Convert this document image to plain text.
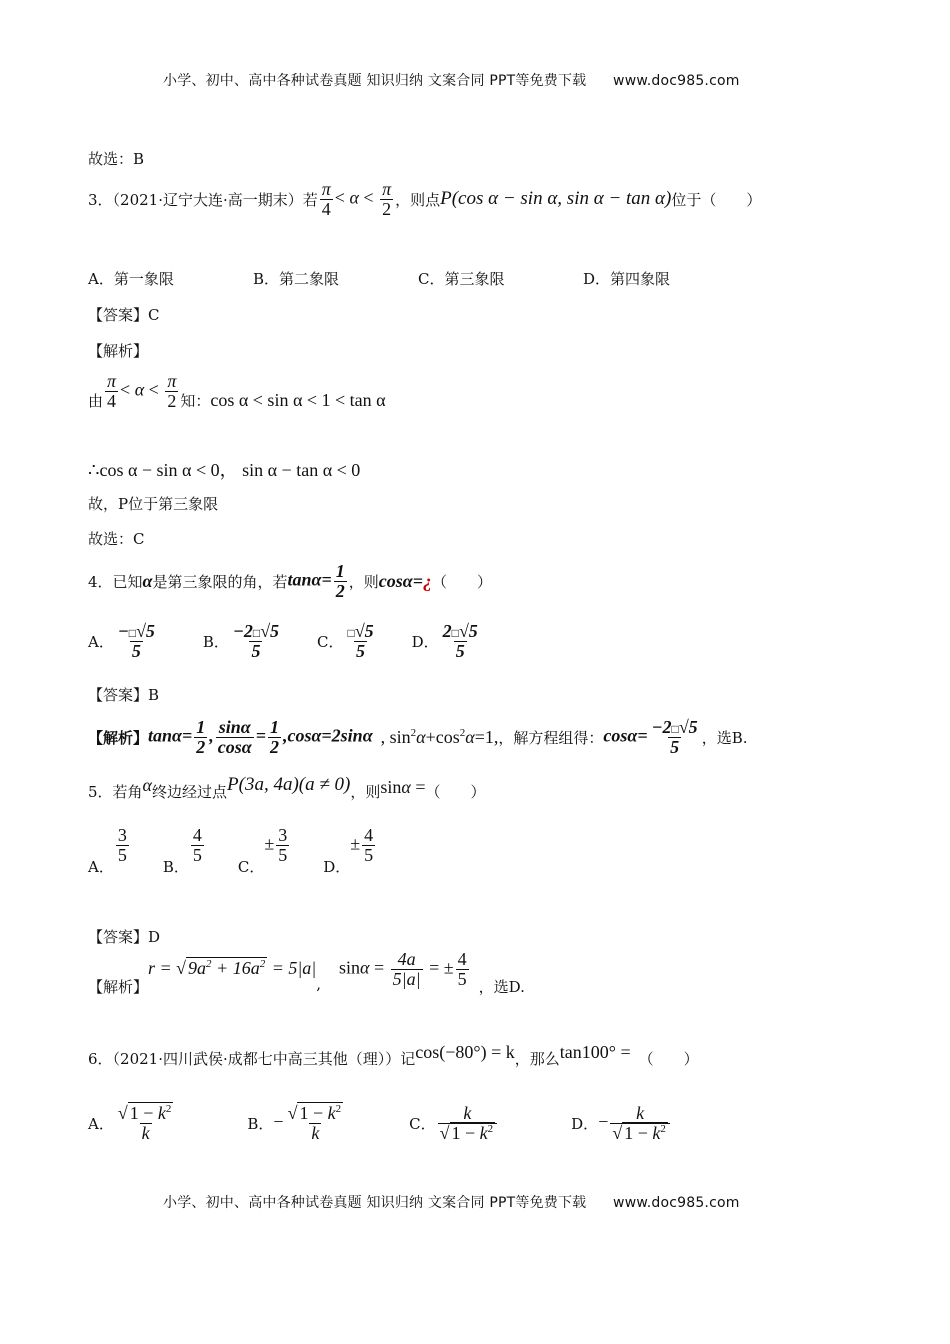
小学、初中、高中各种试卷真题 知识归纳 文案合同 PPT等免费下载 www.doc985.com
故选：B
3．（2021·辽宁大连·高一期末）若 $\frac{\pi}{4} < \alpha < \frac{\pi}{2}$ ，则点 P(cos α − sin α, sin α − tan α) 位于（　　）
A．第一象限	B．第二象限	C．第三象限	D．第四象限
【答案】C
【解析】
由 $\frac{\pi}{4} < \alpha < \frac{\pi}{2}$ 知： cos α < sin α < 1 < tan α
∴cos α − sin α < 0， sin α − tan α < 0
故，P位于第三象限
故选：C
4．已知 α 是第三象限的角，若 $\tan\alpha= \frac{1}{2}$ ，则 cosα=¿ （　　）
A． $\frac{-□√5}{5}$	B． $\frac{-2□√5}{5}$ C． $\frac{□√5}{5}$ D． $\frac{2□√5}{5}$
【答案】B
【解析】 $\tan\alpha= \frac{1}{2}$ , $\frac{\sin\alpha}{\cos\alpha} = \frac{1}{2} ,\cos\alpha=2\sin\alpha$ , $\sin^2\alpha+\cos^2\alpha=1$, ，解方程组得： $\cos\alpha= \frac{-2□√5}{5}$ ，选B.
5．若角 α 终边经过点 P(3a, 4a)(a ≠ 0) ，则 sinα = （　　）
A．
$\frac{3}{5}$
B．
$\frac{4}{5}$
C．
± $\frac{3}{5}$
D．
± $\frac{4}{5}$
【答案】D
【解析】
r = √ $9a^2 + 16a^2 = 5|a|$
,
$\sin\alpha = \frac{4a}{5|a|}$ = ± $\frac{4}{5}$ ，选D.
6．（2021·四川武侯·成都七中高三其他（理））记 cos(−80°) = k ，那么 tan100° = （　　）
A． $\frac{√ 1 - k^2}{k}$	B． − $\frac{√ 1 - k^2}{k}$	C． $\frac{k}{√ 1 - k^2}$	D． − $\frac{k}{√ 1 - k^2}$
小学、初中、高中各种试卷真题 知识归纳 文案合同 PPT等免费下载 www.doc985.com
